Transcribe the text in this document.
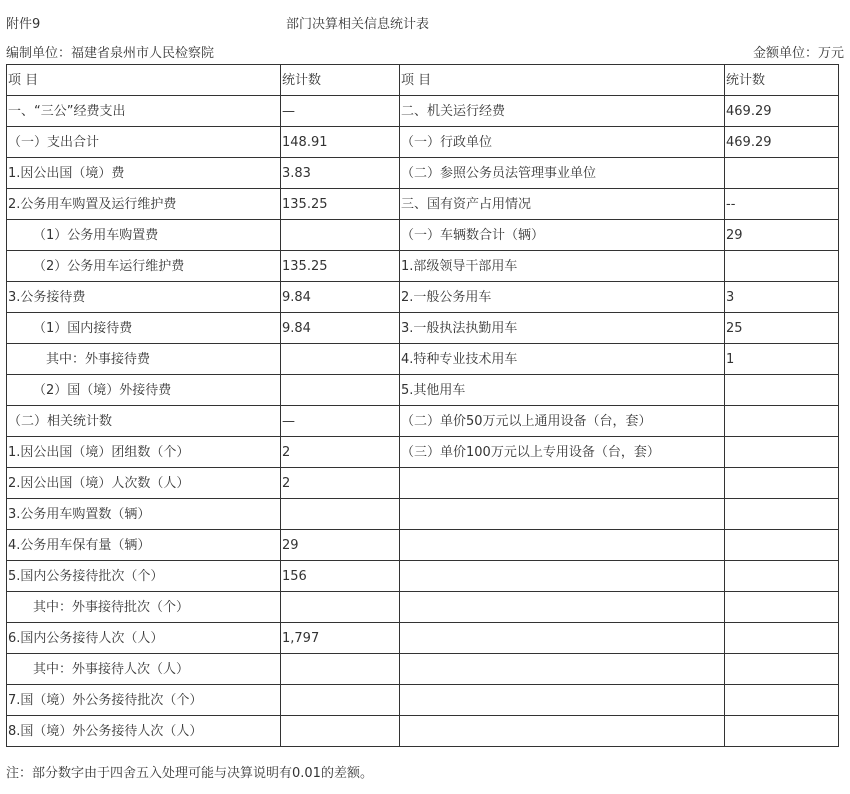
附件9	部门决算相关信息统计表
编制单位：福建省泉州市人民检察院	金额单位：万元
项 目	统计数	项 目	统计数
一、“三公”经费支出	—	二、机关运行经费	469.29
（一）支出合计	148.91	（一）行政单位	469.29
1.因公出国（境）费	3.83	（二）参照公务员法管理事业单位	
2.公务用车购置及运行维护费	135.25	三、国有资产占用情况	--
（1）公务用车购置费		（一）车辆数合计（辆）	29
（2）公务用车运行维护费	135.25	1.部级领导干部用车	
3.公务接待费	9.84	2.一般公务用车	3
（1）国内接待费	9.84	3.一般执法执勤用车	25
其中：外事接待费		4.特种专业技术用车	1
（2）国（境）外接待费		5.其他用车	
（二）相关统计数	—	（二）单价50万元以上通用设备（台，套）	
1.因公出国（境）团组数（个）	2	（三）单价100万元以上专用设备（台，套）	
2.因公出国（境）人次数（人）	2		
3.公务用车购置数（辆）			
4.公务用车保有量（辆）	29		
5.国内公务接待批次（个）	156		
其中：外事接待批次（个）			
6.国内公务接待人次（人）	1,797		
其中：外事接待人次（人）			
7.国（境）外公务接待批次（个）			
8.国（境）外公务接待人次（人）			
注：部分数字由于四舍五入处理可能与决算说明有0.01的差额。
